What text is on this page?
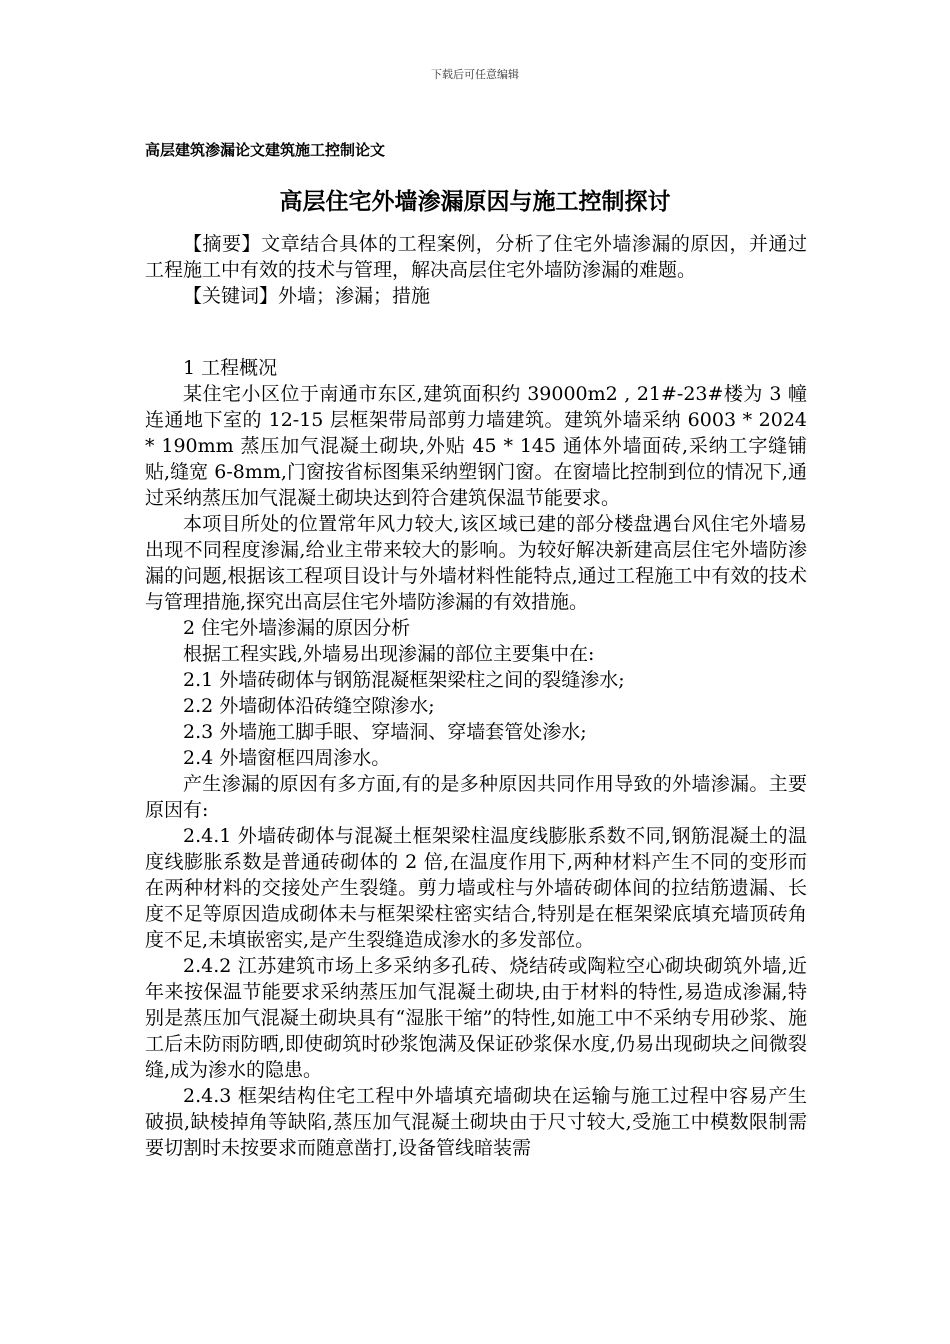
下载后可任意编辑
高层建筑渗漏论文建筑施工控制论文
高层住宅外墙渗漏原因与施工控制探讨

【摘要】文章结合具体的工程案例，分析了住宅外墙渗漏的原因，并通过工程施工中有效的技术与管理，解决高层住宅外墙防渗漏的难题。

【关键词】外墙；渗漏；措施

1 工程概况

某住宅小区位于南通市东区,建筑面积约 39000m2 , 21#-23#楼为 3 幢连通地下室的 12-15 层框架带局部剪力墙建筑。建筑外墙采纳 6003 * 2024 * 190mm 蒸压加气混凝土砌块,外贴 45 * 145 通体外墙面砖,采纳工字缝铺贴,缝宽 6-8mm,门窗按省标图集采纳塑钢门窗。在窗墙比控制到位的情况下,通过采纳蒸压加气混凝土砌块达到符合建筑保温节能要求。

本项目所处的位置常年风力较大,该区域已建的部分楼盘遇台风住宅外墙易出现不同程度渗漏,给业主带来较大的影响。为较好解决新建高层住宅外墙防渗漏的问题,根据该工程项目设计与外墙材料性能特点,通过工程施工中有效的技术与管理措施,探究出高层住宅外墙防渗漏的有效措施。

2 住宅外墙渗漏的原因分析

根据工程实践,外墙易出现渗漏的部位主要集中在:

2.1 外墙砖砌体与钢筋混凝框架梁柱之间的裂缝渗水;

2.2 外墙砌体沿砖缝空隙渗水;

2.3 外墙施工脚手眼、穿墙洞、穿墙套管处渗水;

2.4 外墙窗框四周渗水。

产生渗漏的原因有多方面,有的是多种原因共同作用导致的外墙渗漏。主要原因有:

2.4.1 外墙砖砌体与混凝土框架梁柱温度线膨胀系数不同,钢筋混凝土的温度线膨胀系数是普通砖砌体的 2 倍,在温度作用下,两种材料产生不同的变形而在两种材料的交接处产生裂缝。剪力墙或柱与外墙砖砌体间的拉结筋遗漏、长度不足等原因造成砌体未与框架梁柱密实结合,特别是在框架梁底填充墙顶砖角度不足,未填嵌密实,是产生裂缝造成渗水的多发部位。

2.4.2 江苏建筑市场上多采纳多孔砖、烧结砖或陶粒空心砌块砌筑外墙,近年来按保温节能要求采纳蒸压加气混凝土砌块,由于材料的特性,易造成渗漏,特别是蒸压加气混凝土砌块具有“湿胀干缩”的特性,如施工中不采纳专用砂浆、施工后未防雨防晒,即使砌筑时砂浆饱满及保证砂浆保水度,仍易出现砌块之间微裂缝,成为渗水的隐患。

2.4.3 框架结构住宅工程中外墙填充墙砌块在运输与施工过程中容易产生破损,缺棱掉角等缺陷,蒸压加气混凝土砌块由于尺寸较大,受施工中模数限制需要切割时未按要求而随意凿打,设备管线暗装需
